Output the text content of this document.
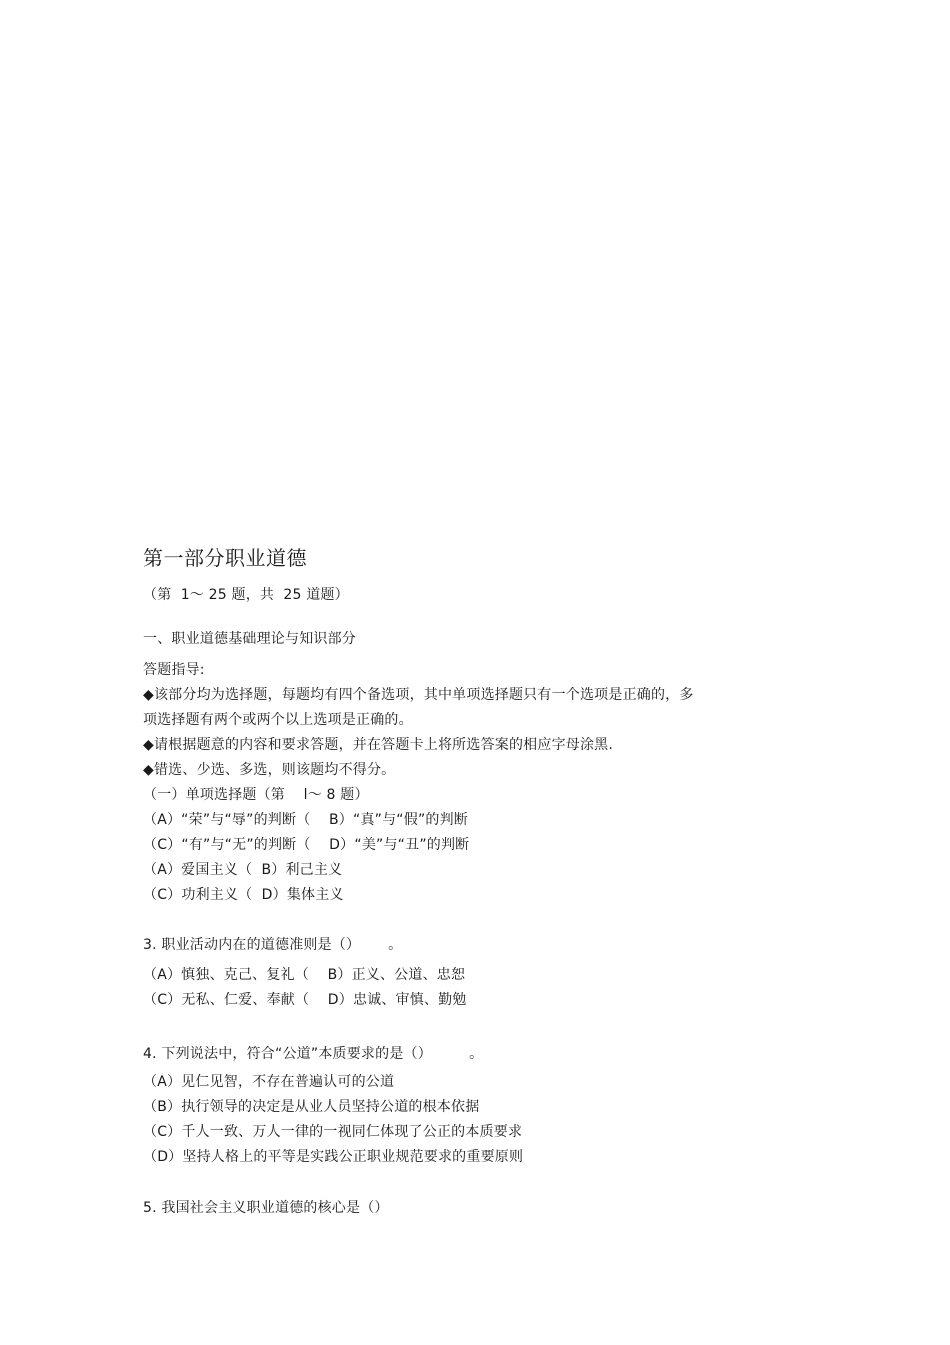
第一部分职业道德
（第  1～ 25 题，共  25 道题）
一、职业道德基础理论与知识部分
答题指导:
◆该部分均为选择题，每题均有四个备选项，其中单项选择题只有一个选项是正确的，多
项选择题有两个或两个以上选项是正确的。
◆请根据题意的内容和要求答题，并在答题卡上将所选答案的相应字母涂黑.
◆错选、少选、多选，则该题均不得分。
（一）单项选择题（第    l～ 8 题）
（A）“荣”与“辱”的判断（    B）“真”与“假”的判断
（C）“有”与“无”的判断（    D）“美”与“丑”的判断
（A）爱国主义（  B）利己主义
（C）功利主义（  D）集体主义
3. 职业活动内在的道德准则是（）      。
（A）慎独、克己、复礼（    B）正义、公道、忠恕
（C）无私、仁爱、奉献（    D）忠诚、审慎、勤勉
4. 下列说法中，符合“公道”本质要求的是（）        。
（A）见仁见智，不存在普遍认可的公道
（B）执行领导的决定是从业人员坚持公道的根本依据
（C）千人一致、万人一律的一视同仁体现了公正的本质要求
（D）坚持人格上的平等是实践公正职业规范要求的重要原则
5. 我国社会主义职业道德的核心是（）
